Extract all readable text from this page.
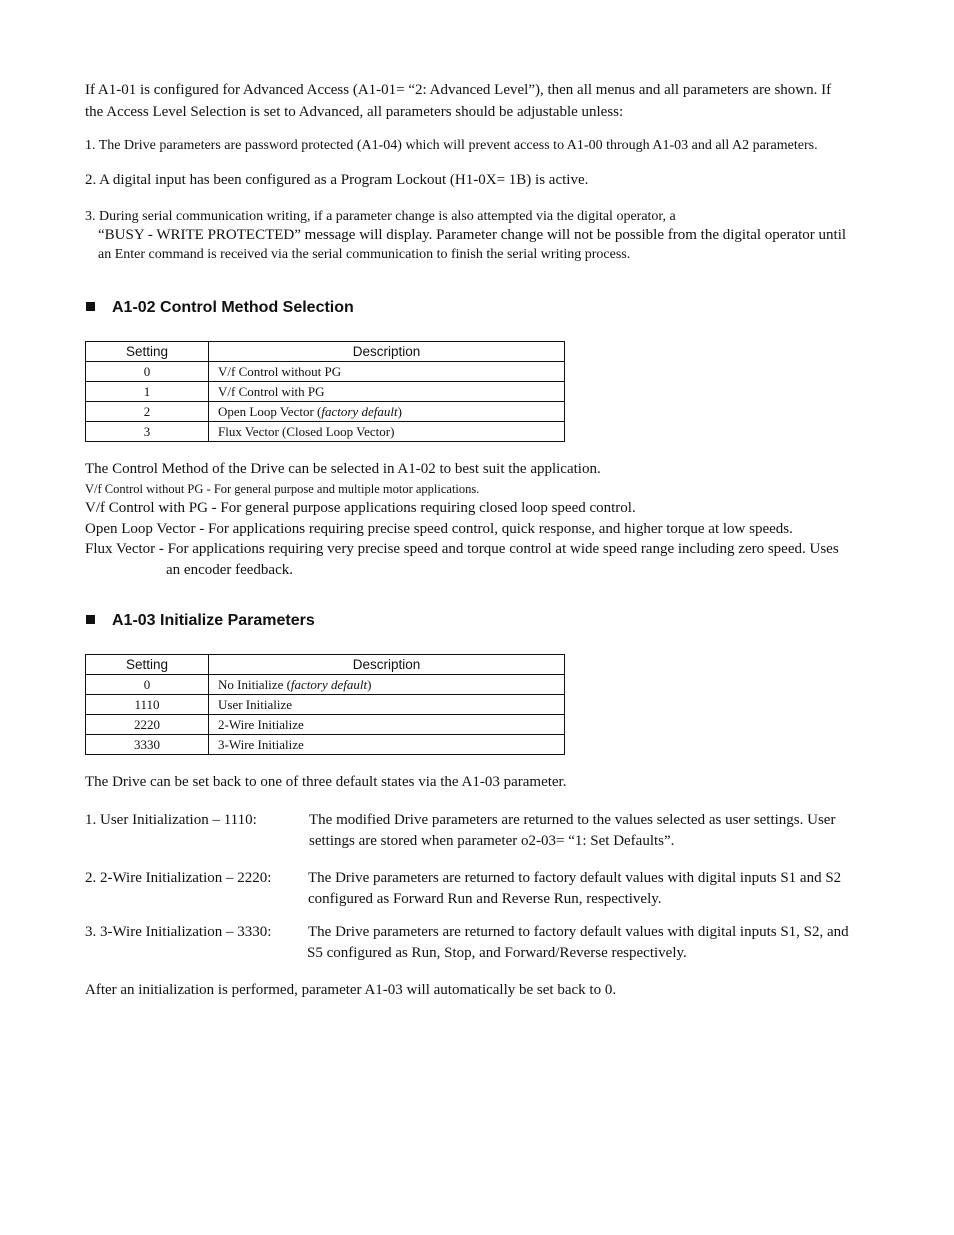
If A1-01 is configured for Advanced Access (A1-01= “2: Advanced Level”), then all menus and all parameters are shown. If
the Access Level Selection is set to Advanced, all parameters should be adjustable unless:
1. The Drive parameters are password protected (A1-04) which will prevent access to A1-00 through A1-03 and all A2 parameters.
2. A digital input has been configured as a Program Lockout (H1-0X= 1B) is active.
3. During serial communication writing, if a parameter change is also attempted via the digital operator, a
“BUSY - WRITE PROTECTED” message will display. Parameter change will not be possible from the digital operator until
an Enter command is received via the serial communication to finish the serial writing process.
A1-02 Control Method Selection
Setting	Description
0	V/f Control without PG
1	V/f Control with PG
2	Open Loop Vector (factory default)
3	Flux Vector (Closed Loop Vector)
The Control Method of the Drive can be selected in A1-02 to best suit the application.
V/f Control without PG - For general purpose and multiple motor applications.
V/f Control with PG - For general purpose applications requiring closed loop speed control.
Open Loop Vector - For applications requiring precise speed control, quick response, and higher torque at low speeds.
Flux Vector - For applications requiring very precise speed and torque control at wide speed range including zero speed. Uses
an encoder feedback.
A1-03 Initialize Parameters
Setting	Description
0	No Initialize (factory default)
1110	User Initialize
2220	2-Wire Initialize
3330	3-Wire Initialize
The Drive can be set back to one of three default states via the A1-03 parameter.
1. User Initialization – 1110:	The modified Drive parameters are returned to the values selected as user settings. User
settings are stored when parameter o2-03= “1: Set Defaults”.
2. 2-Wire Initialization – 2220: The Drive parameters are returned to factory default values with digital inputs S1 and S2
configured as Forward Run and Reverse Run, respectively.
3. 3-Wire Initialization – 3330: The Drive parameters are returned to factory default values with digital inputs S1, S2, and
S5 configured as Run, Stop, and Forward/Reverse respectively.
After an initialization is performed, parameter A1-03 will automatically be set back to 0.
